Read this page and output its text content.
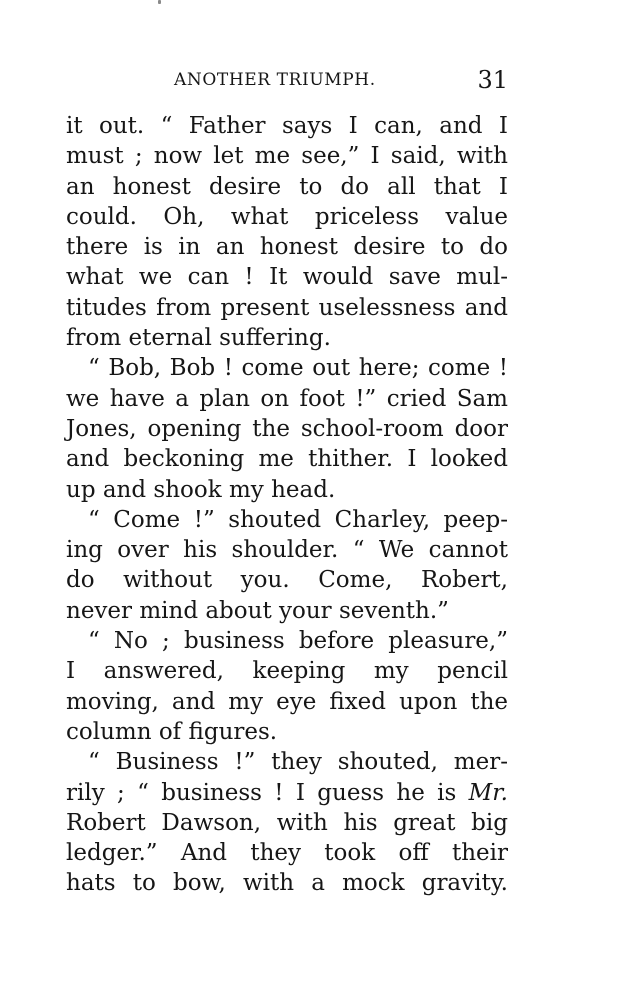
ANOTHER TRIUMPH.	31
it out. “ Father says I can, and I
must ; now let me see,” I said, with
an honest desire to do all that I
could. Oh, what priceless value
there is in an honest desire to do
what we can ! It would save mul-
titudes from present uselessness and
from eternal suffering.
“ Bob, Bob ! come out here; come !
we have a plan on foot !” cried Sam
Jones, opening the school-room door
and beckoning me thither. I looked
up and shook my head.
“ Come !” shouted Charley, peep-
ing over his shoulder. “ We cannot
do without you. Come, Robert,
never mind about your seventh.”
“ No ; business before pleasure,”
I answered, keeping my pencil
moving, and my eye fixed upon the
column of figures.
“ Business !” they shouted, mer-
rily ; “ business ! I guess he is Mr.
Robert Dawson, with his great big
ledger.” And they took off their
hats to bow, with a mock gravity.
